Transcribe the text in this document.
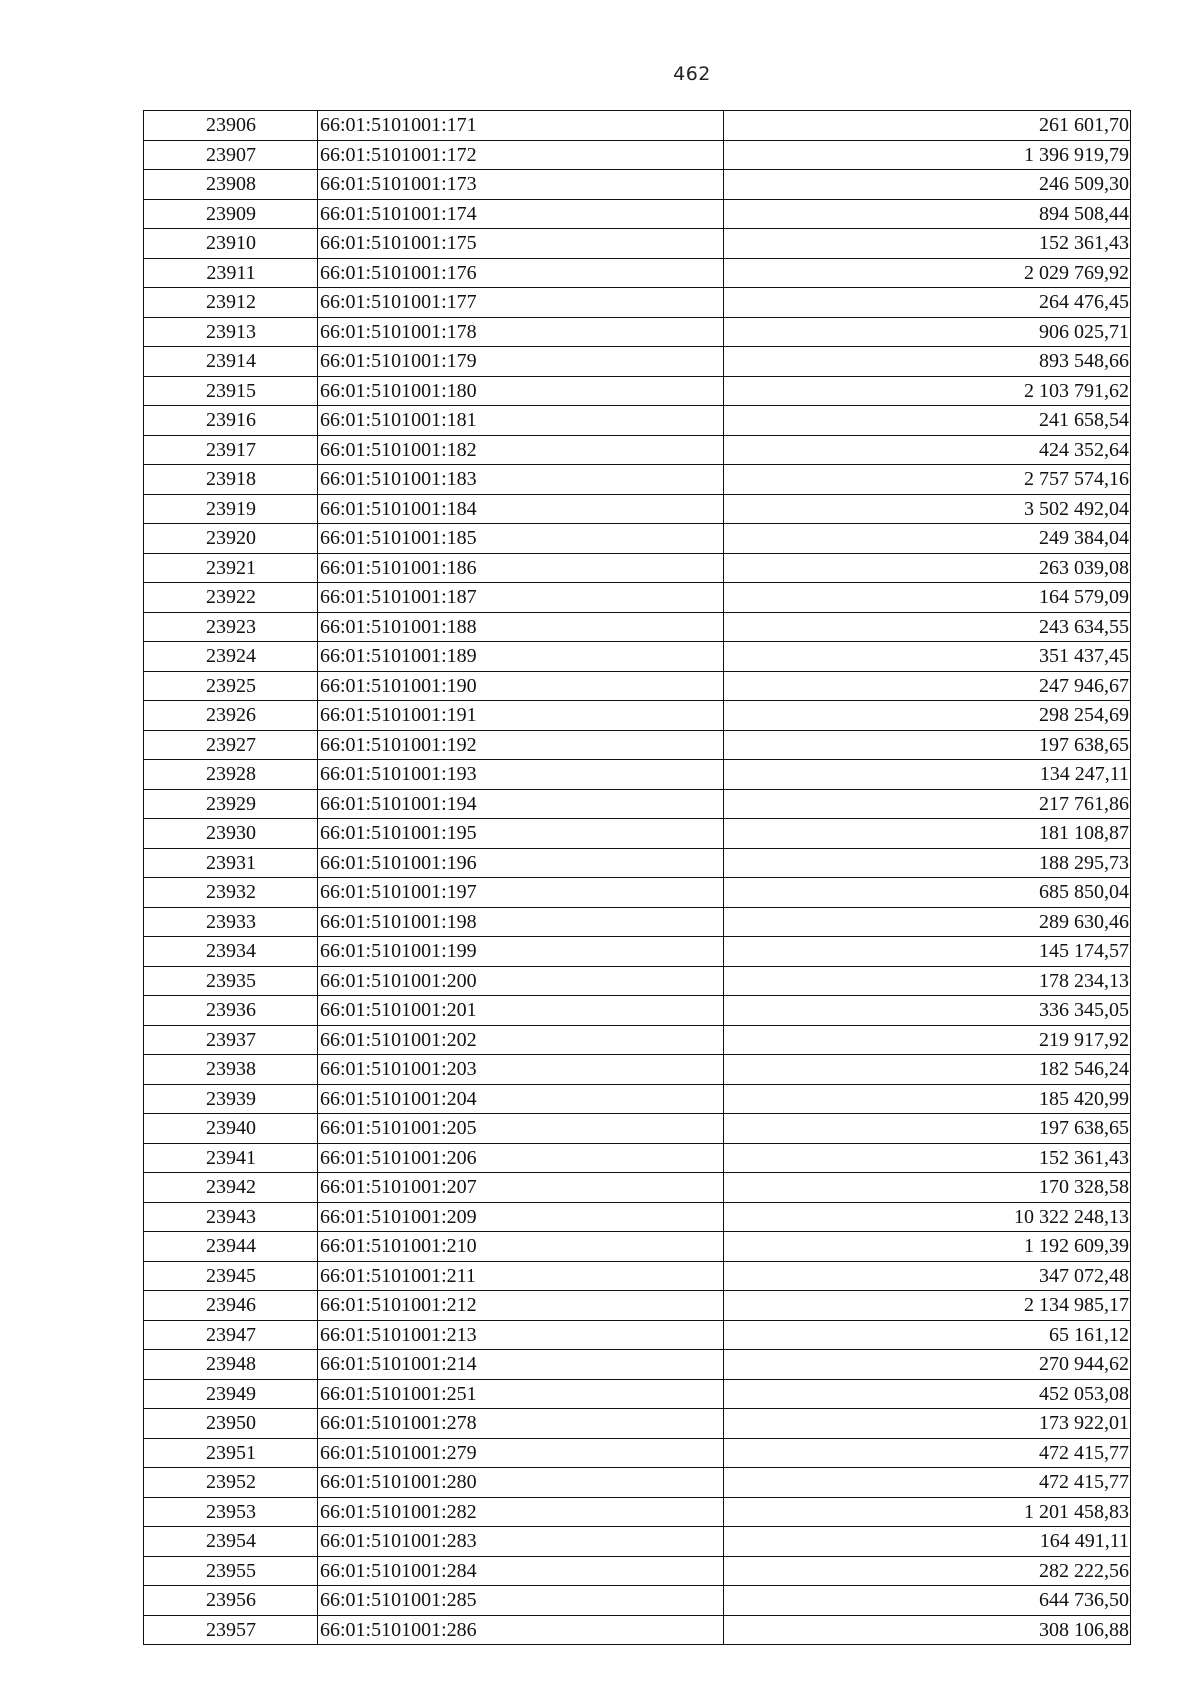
462
23906	66:01:5101001:171	261 601,70
23907	66:01:5101001:172	1 396 919,79
23908	66:01:5101001:173	246 509,30
23909	66:01:5101001:174	894 508,44
23910	66:01:5101001:175	152 361,43
23911	66:01:5101001:176	2 029 769,92
23912	66:01:5101001:177	264 476,45
23913	66:01:5101001:178	906 025,71
23914	66:01:5101001:179	893 548,66
23915	66:01:5101001:180	2 103 791,62
23916	66:01:5101001:181	241 658,54
23917	66:01:5101001:182	424 352,64
23918	66:01:5101001:183	2 757 574,16
23919	66:01:5101001:184	3 502 492,04
23920	66:01:5101001:185	249 384,04
23921	66:01:5101001:186	263 039,08
23922	66:01:5101001:187	164 579,09
23923	66:01:5101001:188	243 634,55
23924	66:01:5101001:189	351 437,45
23925	66:01:5101001:190	247 946,67
23926	66:01:5101001:191	298 254,69
23927	66:01:5101001:192	197 638,65
23928	66:01:5101001:193	134 247,11
23929	66:01:5101001:194	217 761,86
23930	66:01:5101001:195	181 108,87
23931	66:01:5101001:196	188 295,73
23932	66:01:5101001:197	685 850,04
23933	66:01:5101001:198	289 630,46
23934	66:01:5101001:199	145 174,57
23935	66:01:5101001:200	178 234,13
23936	66:01:5101001:201	336 345,05
23937	66:01:5101001:202	219 917,92
23938	66:01:5101001:203	182 546,24
23939	66:01:5101001:204	185 420,99
23940	66:01:5101001:205	197 638,65
23941	66:01:5101001:206	152 361,43
23942	66:01:5101001:207	170 328,58
23943	66:01:5101001:209	10 322 248,13
23944	66:01:5101001:210	1 192 609,39
23945	66:01:5101001:211	347 072,48
23946	66:01:5101001:212	2 134 985,17
23947	66:01:5101001:213	65 161,12
23948	66:01:5101001:214	270 944,62
23949	66:01:5101001:251	452 053,08
23950	66:01:5101001:278	173 922,01
23951	66:01:5101001:279	472 415,77
23952	66:01:5101001:280	472 415,77
23953	66:01:5101001:282	1 201 458,83
23954	66:01:5101001:283	164 491,11
23955	66:01:5101001:284	282 222,56
23956	66:01:5101001:285	644 736,50
23957	66:01:5101001:286	308 106,88
